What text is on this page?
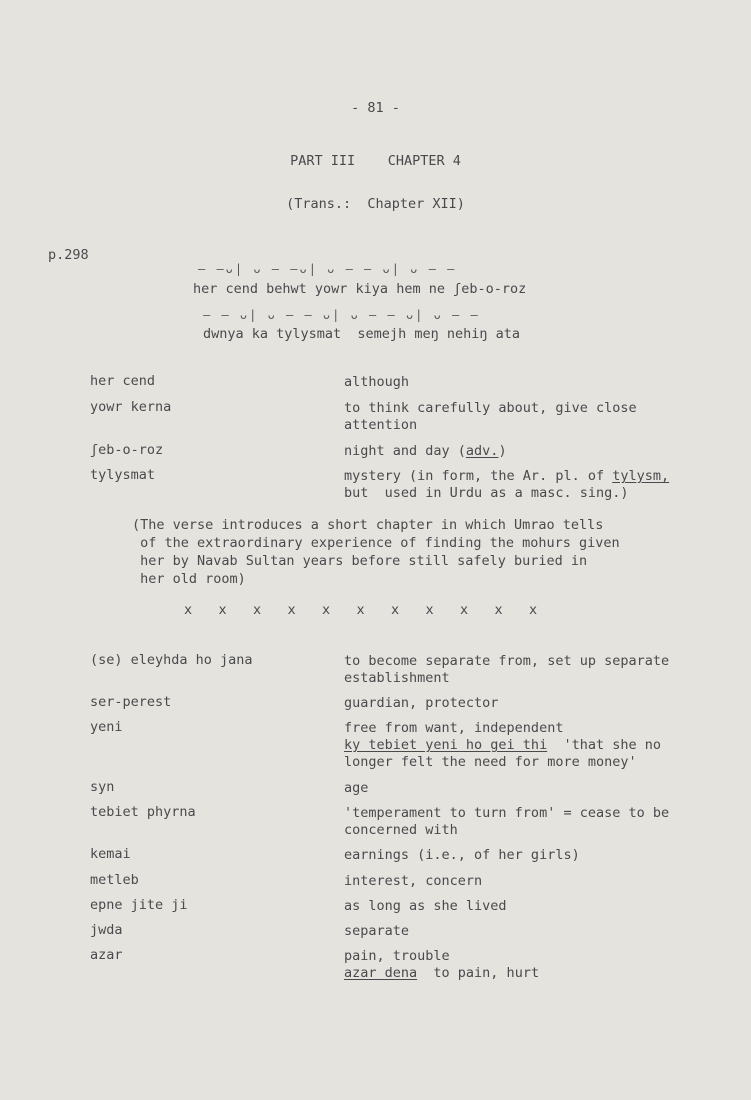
- 81 -
PART III    CHAPTER 4
(Trans.:  Chapter XII)
p.298
— —ᴗ| ᴗ — —ᴗ| ᴗ — — ᴗ| ᴗ — —
her cend behwt yowr kiya hem ne ʃeb-o-roz
— — ᴗ| ᴗ — — ᴗ| ᴗ — — ᴗ| ᴗ — —
dwnya ka tylysmat  semejh meŋ nehiŋ ata
her cend	although
yowr kerna	to think carefully about, give close
attention
ʃeb-o-roz	night and day (adv.)
tylysmat	mystery (in form, the Ar. pl. of tylysm,
but  used in Urdu as a masc. sing.)
(The verse introduces a short chapter in which Umrao tells
of the extraordinary experience of finding the mohurs given
her by Navab Sultan years before still safely buried in
her old room)
x x x x x x x x x x x
(se) eleyhda ho jana	to become separate from, set up separate
establishment
ser-perest	guardian, protector
yeni	free from want, independent
ky tebiet yeni ho gei thi  'that she no
longer felt the need for more money'
syn	age
tebiet phyrna	'temperament to turn from' = cease to be
concerned with
kemai	earnings (i.e., of her girls)
metleb	interest, concern
epne jite ji	as long as she lived
jwda	separate
azar	pain, trouble
azar dena  to pain, hurt
